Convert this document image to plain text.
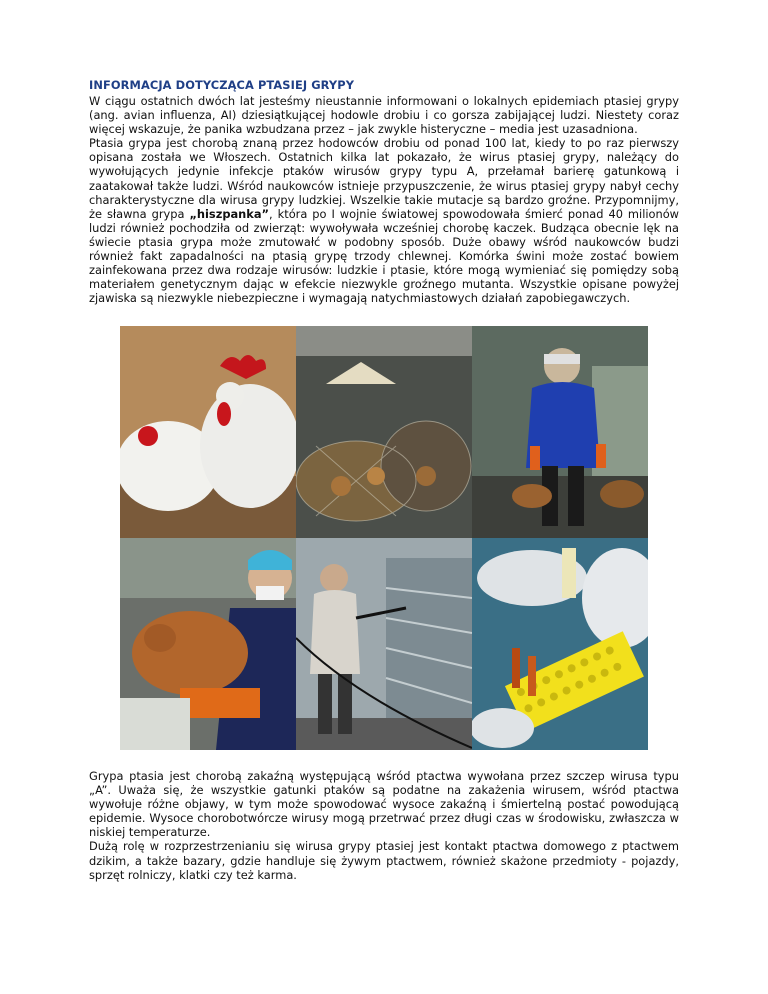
INFORMACJA DOTYCZĄCA PTASIEJ GRYPY

W ciągu ostatnich dwóch lat jesteśmy nieustannie informowani o lokalnych epidemiach ptasiej grypy (ang. avian influenza, AI) dziesiątkującej hodowle drobiu i co gorsza zabijającej ludzi. Niestety coraz więcej wskazuje, że panika wzbudzana przez – jak zwykle histeryczne – media jest uzasadniona.

Ptasia grypa jest chorobą znaną przez hodowców drobiu od ponad 100 lat, kiedy to po raz pierwszy opisana została we Włoszech. Ostatnich kilka lat pokazało, że wirus ptasiej grypy, należący do wywołujących jedynie infekcje ptaków wirusów grypy typu A, przełamał barierę gatunkową i zaatakował także ludzi. Wśród naukowców istnieje przypuszczenie, że wirus ptasiej grypy nabył cechy charakterystyczne dla wirusa grypy ludzkiej. Wszelkie takie mutacje są bardzo groźne. Przypomnijmy, że sławna grypa „hiszpanka”, która po I wojnie światowej spowodowała śmierć ponad 40 milionów ludzi również pochodziła od zwierząt: wywoływała wcześniej chorobę kaczek. Budząca obecnie lęk na świecie ptasia grypa może zmutowałć w podobny sposób. Duże obawy wśród naukowców budzi również fakt zapadalności na ptasią grypę trzody chlewnej. Komórka świni może zostać bowiem zainfekowana przez dwa rodzaje wirusów: ludzkie i ptasie, które mogą wymieniać się pomiędzy sobą materiałem genetycznym dając w efekcie niezwykle groźnego mutanta. Wszystkie opisane powyżej zjawiska są niezwykle niebezpieczne i wymagają natychmiastowych działań zapobiegawczych.

Grypa ptasia jest chorobą zakaźną występującą wśród ptactwa wywołana przez szczep wirusa typu „A”. Uważa się, że wszystkie gatunki ptaków są podatne na zakażenia wirusem, wśród ptactwa wywołuje różne objawy, w tym może spowodować wysoce zakaźną i śmiertelną postać powodującą epidemie. Wysoce chorobotwórcze wirusy mogą przetrwać przez długi czas w środowisku, zwłaszcza w niskiej temperaturze.

Dużą rolę w rozprzestrzenianiu się wirusa grypy ptasiej jest kontakt ptactwa domowego z ptactwem dzikim, a także bazary, gdzie handluje się żywym ptactwem, również skażone przedmioty - pojazdy, sprzęt rolniczy, klatki czy też karma.
